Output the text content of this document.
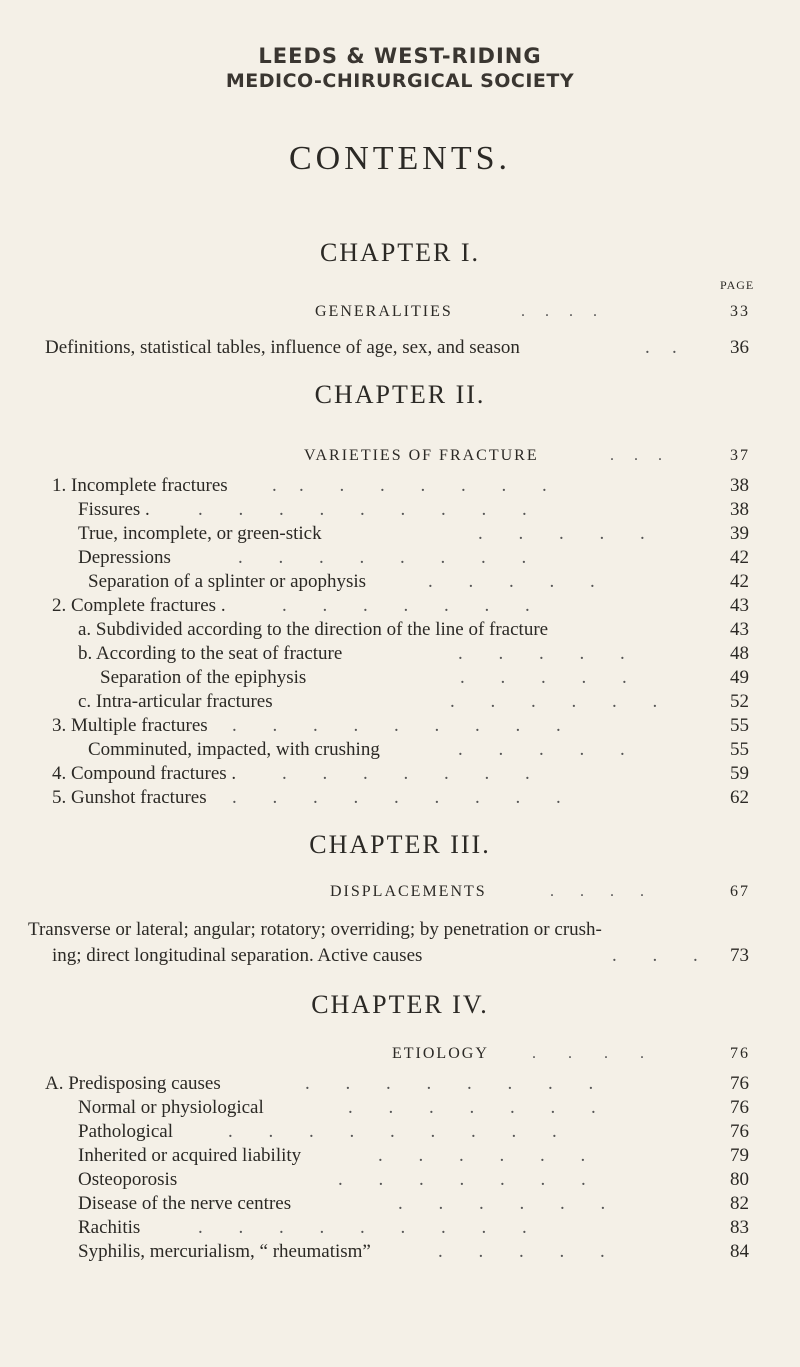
LEEDS & WEST-RIDING
MEDICO-CHIRURGICAL SOCIETY
CONTENTS.
PAGE
CHAPTER I.
GENERALITIES	.   .   .   .	33
Definitions, statistical tables, influence of age, sex, and season	.   .	36
CHAPTER II.
VARIETIES OF FRACTURE	.   .   .	37
1. Incomplete fractures .   .     .     .     .     .     .     .	38
Fissures .	.     .     .     .     .     .     .     .     .	38
True, incomplete, or green-stick	.     .     .     .     .	39
Depressions	.     .     .     .     .     .     .     .	42
Separation of a splinter or apophysis	.     .     .     .     .	42
2. Complete fractures .	.     .     .     .     .     .     .	43
a. Subdivided according to the direction of the line of fracture	43
b. According to the seat of fracture	.     .     .     .     .	48
Separation of the epiphysis	.     .     .     .     .	49
c. Intra-articular fractures	.     .     .     .     .     .	52
3. Multiple fractures .     .     .     .     .     .     .     .     .	55
Comminuted, impacted, with crushing	.     .     .     .     .	55
4. Compound fractures . .     .     .     .     .     .     .	59
5. Gunshot fractures .     .     .     .     .     .     .     .     .	62
CHAPTER III.
DISPLACEMENTS	.    .    .    .	67
Transverse or lateral; angular; rotatory; overriding; by penetration or crush-
ing; direct longitudinal separation. Active causes	.     .     . 73
CHAPTER IV.
ETIOLOGY	.     .     .     .	76
A. Predisposing causes	.     .     .     .     .     .     .     .	76
Normal or physiological	.     .     .     .     .     .     .	76
Pathological	.     .     .     .     .     .     .     .     .	76
Inherited or acquired liability	.     .     .     .     .     .	79
Osteoporosis	.     .     .     .     .     .     .	80
Disease of the nerve centres	.     .     .     .     .     .	82
Rachitis	.     .     .     .     .     .     .     .     .	83
Syphilis, mercurialism, “ rheumatism”	.     .     .     .     .	84
